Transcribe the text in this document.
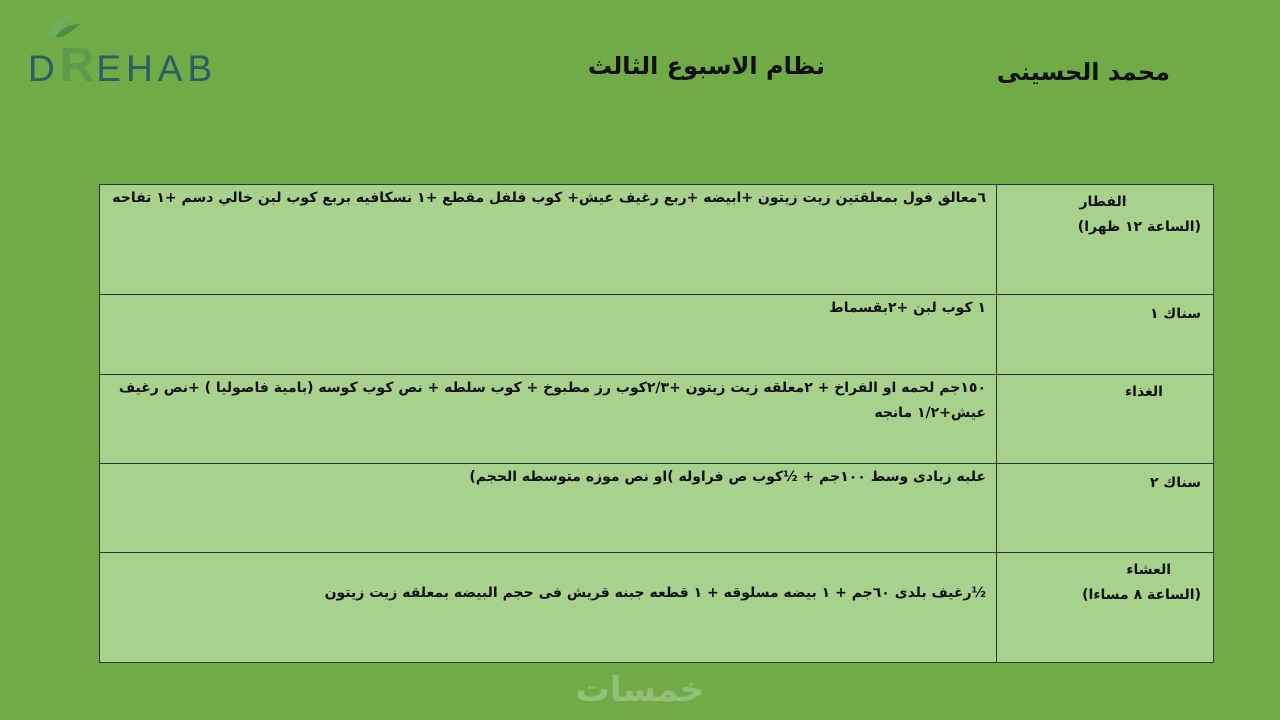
DREHAB	نظام الاسبوع الثالث	محمد الحسينى
الفطار
(الساعة ١٢ ظهرا)	٦معالق فول بمعلقتين زيت زيتون +ابيضه +ربع رغيف عيش+ كوب فلفل مقطع +١ نسكافيه بربع كوب لبن خالي دسم +١ تفاحه

سناك ١	١ كوب لبن +٢بقسماط

الغذاء	١٥٠جم لحمه او الفراخ + ٢معلقه زيت زيتون +٢/٣كوب رز مطبوخ + كوب سلطه + نص كوب كوسه (بامية فاصوليا ) +نص رغيف عيش+١/٢ مانجه

سناك ٢	علبه زبادى وسط ١٠٠جم + ½كوب ص فراوله )او نص موزه متوسطه الحجم)

العشاء
(الساعة ٨ مساءا)	½رغيف بلدى ٦٠جم + ١ بيضه مسلوقه + ١ قطعه جبنه قريش فى حجم البيضه بمعلقه زيت زيتون
خمسات
